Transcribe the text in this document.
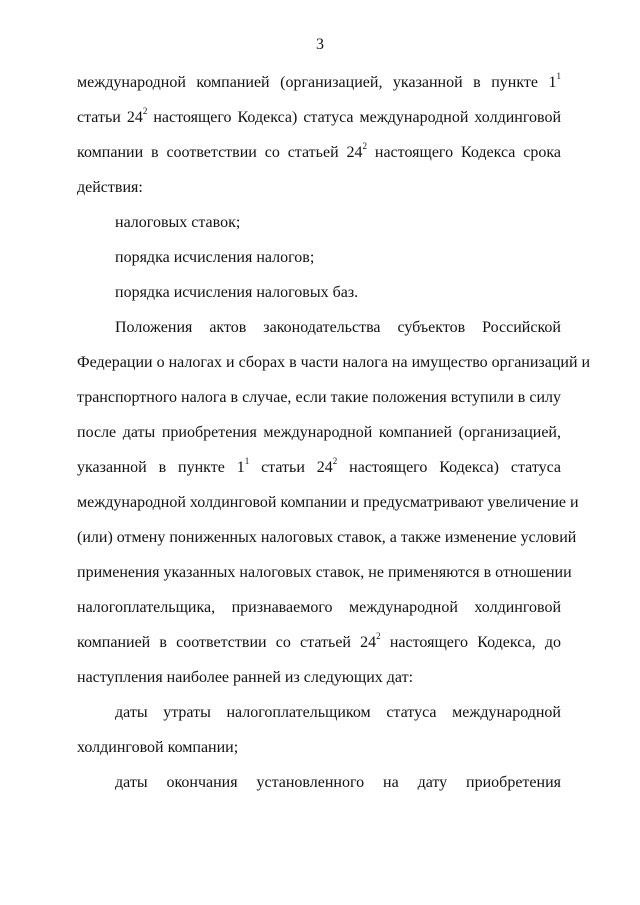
3
международной компанией (организацией, указанной в пункте $1^1$
статьи $24^2$ настоящего Кодекса) статуса международной холдинговой
компании в соответствии со статьей $24^2$ настоящего Кодекса срока
действия:
налоговых ставок;
порядка исчисления налогов;
порядка исчисления налоговых баз.
Положения актов законодательства субъектов Российской
Федерации о налогах и сборах в части налога на имущество организаций и
транспортного налога в случае, если такие положения вступили в силу
после даты приобретения международной компанией (организацией,
указанной в пункте $1^1$ статьи $24^2$ настоящего Кодекса) статуса
международной холдинговой компании и предусматривают увеличение и
(или) отмену пониженных налоговых ставок, а также изменение условий
применения указанных налоговых ставок, не применяются в отношении
налогоплательщика, признаваемого международной холдинговой
компанией в соответствии со статьей $24^2$ настоящего Кодекса, до
наступления наиболее ранней из следующих дат:
даты утраты налогоплательщиком статуса международной
холдинговой компании;
даты окончания установленного на дату приобретения
